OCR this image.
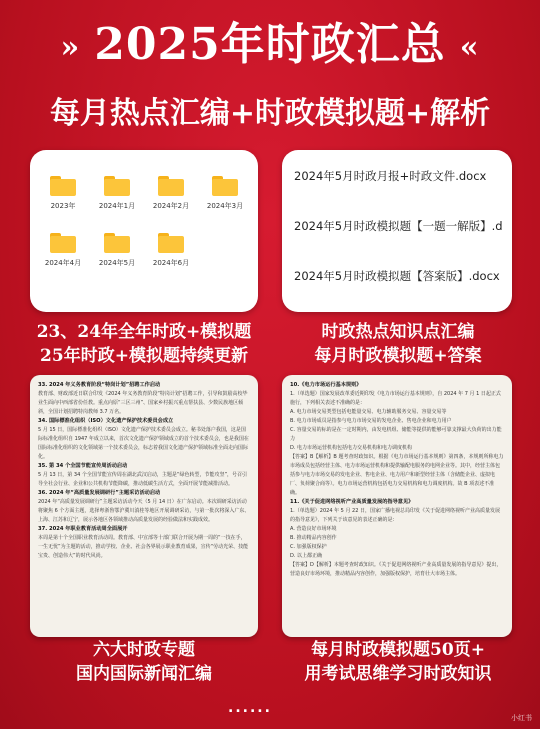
» 2025年时政汇总 «
每月热点汇编+时政模拟题+解析
2023年	2024年1月	2024年2月	2024年3月
2024年4月	2024年5月	2024年6月
2024年5月时政月报+时政文件.docx
2024年5月时政模拟题【一题一解版】.d
2024年5月时政模拟题【答案版】.docx
23、24年全年时政+模拟题
25年时政+模拟题持续更新
时政热点知识点汇编
每月时政模拟题+答案
33. 2024 年义务教育阶段“特岗计划”招聘工作启动
教育部、财政部近日联合印发《2024 年义务教育阶段“特岗计划”招聘工作，引导和鼓励高校毕业生面向中西部省份任教。重点向原“三区三州”、国家乡村振兴重点帮扶县、少数民族地区倾斜，全国计划招聘特岗教师 3.7 万名。
34. 国际標准化组织（ISO）文化遗产保护技术委员会成立
5 月 15 日，国际標准化组织（ISO）文化遗产保护技术委员会成立。秘书处落户我国，这是国际标准化组织自 1947 年成立以来，首次文化遗产保护领域成立的首个技术委员会，也是我国在国际标准化组织的文化领域第一个技术委员会，标志着我国文化遗产保护领域标准全面走向国际化。
35. 第 34 个全国节能宣传周活动启动
5 月 13 日，第 34 个全国节能宣传周在湖北武汉启动，主题是“绿色转型，节能攻坚”，号召引导全社会行业、企业和公共机构节能降碳，推动低碳生活方式，全面开展节能减排活动。
36. 2024 年“高质量发展调研行”主题采访活动启动
2024 年“高质量发展调研行”主题采访活动今天（5 月 14 日）在广东启动。本次调研采访活动将聚焦 6 个方面主题，选择粤浙鲁鄂沪冀川滇桂等地区开展调研采访，与第一批次将深入广东、上海、江苏和辽宁，展示各地区各领域推动高质量发展的经验做法和实践成效。
37. 2024 年职业教育活动周全面展开
本周是第十个全国职业教育活动周。教育部、中宣部等十部门联合开展为期一周的“一技在手，一生无忧”为主题的活动，推动学校、企业、社会各界展示职业教育成果，宣传“劳动光荣、技能宝贵、创造伟大”的时代风尚。
10.《电力市场运行基本规则》
1.（单选题）国家发展改革委近期印发《电力市场运行基本规则》，自 2024 年 7 月 1 日起正式施行，下列相关表述不准确的是：
A. 电力市场交易类型包括电能量交易、电力辅助服务交易、容量交易等
B. 电力市场成员是指参与电力市场交易的发电企业、售电企业和电力用户
C. 容量交易的标的是在一定时期内，由发电机组、储能等提供的能够可靠支撑最大负荷的出力能力
D. 电力市场运营机构包括电力交易机构和电力调度机构
【答案】B【解析】B 题考查时政知识。根据《电力市场运行基本规则》第四条，本规则所称电力市场成员包括经营主体、电力市场运营机构和提供输配电服务的电网企业等。其中，经营主体包括参与电力市场交易的发电企业、售电企业、电力用户和新型经营主体（含储能企业、虚拟电厂、负荷聚合商等）。电力市场运营机构包括电力交易机构和电力调度机构。故 B 项表述不准确。
11.《关于促进网络视听产业高质量发展的指导意见》
1.（单选题）2024 年 5 月 22 日，国家广播电视总局印发《关于促进网络视听产业高质量发展的指导意见》，下列关于该意见的表述正确的是：
A. 营造良好市场环境
B. 推动精品内容创作
C. 加强版权保护
D. 以上都正确
【答案】D【解析】本题考查时政知识。《关于促进网络视听产业高质量发展的指导意见》提出，营造良好市场环境，推动精品内容创作，加强版权保护，培育壮大市场主体。
六大时政专题
国内国际新闻汇编
每月时政模拟题50页+
用考试思维学习时政知识
......
小红书
